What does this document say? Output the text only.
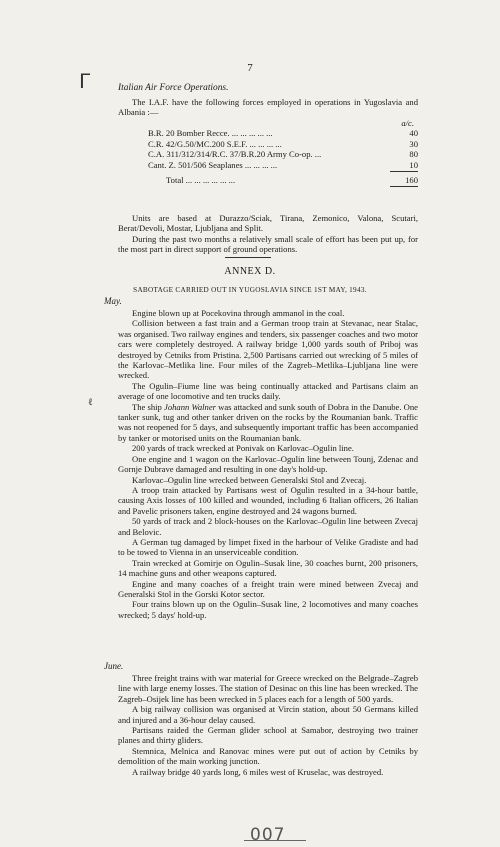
7
ᒥ	Italian Air Force Operations.

The I.A.F. have the following forces employed in operations in Yugoslavia and Albania :—

a/c.
B.R. 20 Bomber Recce. ... ... ... ... ...	40
C.R. 42/G.50/MC.200 S.E.F. ... ... ... ...	30
C.A. 311/312/314/R.C. 37/B.R.20 Army Co-op. ...	80
Cant. Z. 501/506 Seaplanes ... ... ... ...	10
Total ... ... ... ... ... ...	160

Units are based at Durazzo/Sciak, Tirana, Zemonico, Valona, Scutari, Berat/Devoli, Mostar, Ljubljana and Split.

During the past two months a relatively small scale of effort has been put up, for the most part in direct support of ground operations.

ANNEX D.
SABOTAGE CARRIED OUT IN YUGOSLAVIA SINCE 1ST MAY, 1943.
May.

Engine blown up at Pocekovina through ammanol in the coal.

Collision between a fast train and a German troop train at Stevanac, near Stalac, was organised. Two railway engines and tenders, six passenger coaches and two motor cars were completely destroyed. A railway bridge 1,000 yards south of Priboj was destroyed by Cetniks from Pristina. 2,500 Partisans carried out wrecking of 5 miles of the Karlovac–Metlika line. Four miles of the Zagreb–Metlika–Ljubljana line were wrecked.

The Ogulin–Fiume line was being continually attacked and Partisans claim an average of one locomotive and ten trucks daily.

The ship Johann Walner was attacked and sunk south of Dobra in the Danube. One tanker sunk, tug and other tanker driven on the rocks by the Roumanian bank. Traffic was not reopened for 5 days, and subsequently important traffic has been accompanied by tanker or motorised units on the Roumanian bank.

200 yards of track wrecked at Ponivak on Karlovac–Ogulin line.

One engine and 1 wagon on the Karlovac–Ogulin line between Tounj, Zdenac and Gornje Dubrave damaged and resulting in one day's hold-up.

Karlovac–Ogulin line wrecked between Generalski Stol and Zvecaj.

A troop train attacked by Partisans west of Ogulin resulted in a 34-hour battle, causing Axis losses of 100 killed and wounded, including 6 Italian officers, 26 Italian and Pavelic prisoners taken, engine destroyed and 24 wagons burned.

50 yards of track and 2 block-houses on the Karlovac–Ogulin line between Zvecaj and Belovic.

A German tug damaged by limpet fixed in the harbour of Velike Gradiste and had to be towed to Vienna in an unserviceable condition.

Train wrecked at Gomirje on Ogulin–Susak line, 30 coaches burnt, 200 prisoners, 14 machine guns and other weapons captured.

Engine and many coaches of a freight train were mined between Zvecaj and Generalski Stol in the Gorski Kotor sector.

Four trains blown up on the Ogulin–Susak line, 2 locomotives and many coaches wrecked; 5 days' hold-up.

ℓ
June.

Three freight trains with war material for Greece wrecked on the Belgrade–Zagreb line with large enemy losses. The station of Desinac on this line has been wrecked. The Zagreb–Osijek line has been wrecked in 5 places each for a length of 500 yards.

A big railway collision was organised at Vircin station, about 50 Germans killed and injured and a 36-hour delay caused.

Partisans raided the German glider school at Samabor, destroying two trainer planes and thirty gliders.

Stemnica, Melnica and Ranovac mines were put out of action by Cetniks by demolition of the main working junction.

A railway bridge 40 yards long, 6 miles west of Kruselac, was destroyed.

007
